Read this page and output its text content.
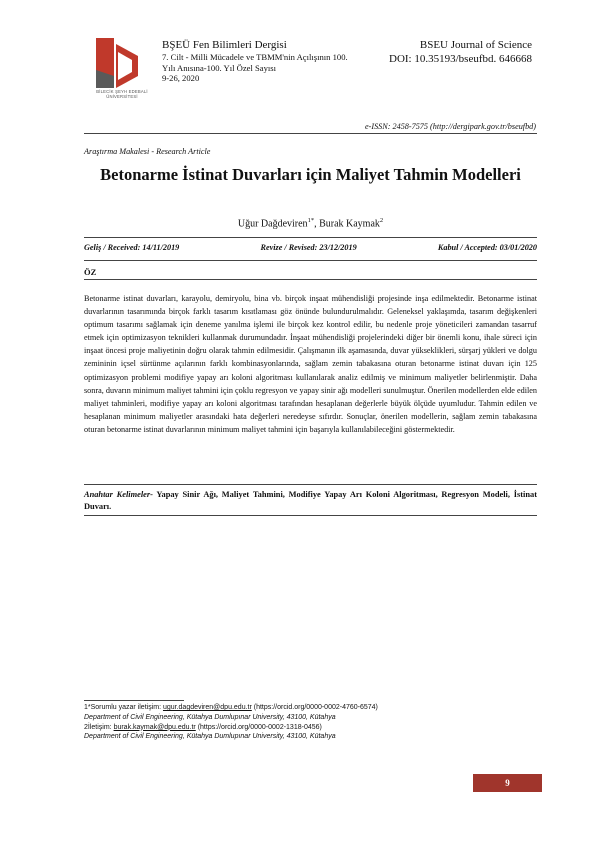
BİLECİK ŞEYH EDEBALİ ÜNİVERSİTESİ
BŞEÜ Fen Bilimleri Dergisi
7. Cilt - Milli Mücadele ve TBMM'nin Açılışının 100. Yılı Anısına-100. Yıl Özel Sayısı
9-26, 2020
BSEU Journal of Science
DOI: 10.35193/bseufbd. 646668
e-ISSN: 2458-7575 (http://dergipark.gov.tr/bseufbd)
Araştırma Makalesi - Research Article
Betonarme İstinat Duvarları için Maliyet Tahmin Modelleri
Uğur Dağdeviren$^{1*}$, Burak Kaymak$^2$
Geliş / Received: 14/11/2019	Revize / Revised: 23/12/2019	Kabul / Accepted: 03/01/2020
ÖZ
Betonarme istinat duvarları, karayolu, demiryolu, bina vb. birçok inşaat mühendisliği projesinde inşa edilmektedir. Betonarme istinat duvarlarının tasarımında birçok farklı tasarım kısıtlaması göz önünde bulundurulmalıdır. Geleneksel yaklaşımda, tasarım değişkenleri optimum tasarımı sağlamak için deneme yanılma işlemi ile birçok kez kontrol edilir, bu nedenle proje yöneticileri zamandan tasarruf etmek için optimizasyon teknikleri kullanmak durumundadır. İnşaat mühendisliği projelerindeki diğer bir önemli konu, ihale süreci için inşaat öncesi proje maliyetinin doğru olarak tahmin edilmesidir. Çalışmanın ilk aşamasında, duvar yükseklikleri, sürşarj yükleri ve dolgu zemininin içsel sürtünme açılarının farklı kombinasyonlarında, sağlam zemin tabakasına oturan betonarme istinat duvarı için 125 optimizasyon problemi modifiye yapay arı koloni algoritması kullanılarak analiz edilmiş ve minimum maliyetler belirlenmiştir. Daha sonra, duvarın minimum maliyet tahmini için çoklu regresyon ve yapay sinir ağı modelleri sunulmuştur. Önerilen modellerden elde edilen maliyet tahminleri, modifiye yapay arı koloni algoritması tarafından hesaplanan değerlerle büyük ölçüde uyumludur. Tahmin edilen ve hesaplanan minimum maliyetler arasındaki hata değerleri neredeyse sıfırdır. Sonuçlar, önerilen modellerin, sağlam zemin tabakasına oturan betonarme istinat duvarlarının minimum maliyet tahmini için başarıyla kullanılabileceğini göstermektedir.
Anahtar Kelimeler- Yapay Sinir Ağı, Maliyet Tahmini, Modifiye Yapay Arı Koloni Algoritması, Regresyon Modeli, İstinat Duvarı.
1*Sorumlu yazar iletişim: ugur.dagdeviren@dpu.edu.tr (https://orcid.org/0000-0002-4760-6574)
Department of Civil Engineering, Kütahya Dumlupınar University, 43100, Kütahya
2İletişim: burak.kaymak@dpu.edu.tr (https://orcid.org/0000-0002-1318-0456)
Department of Civil Engineering, Kütahya Dumlupınar University, 43100, Kütahya
9
